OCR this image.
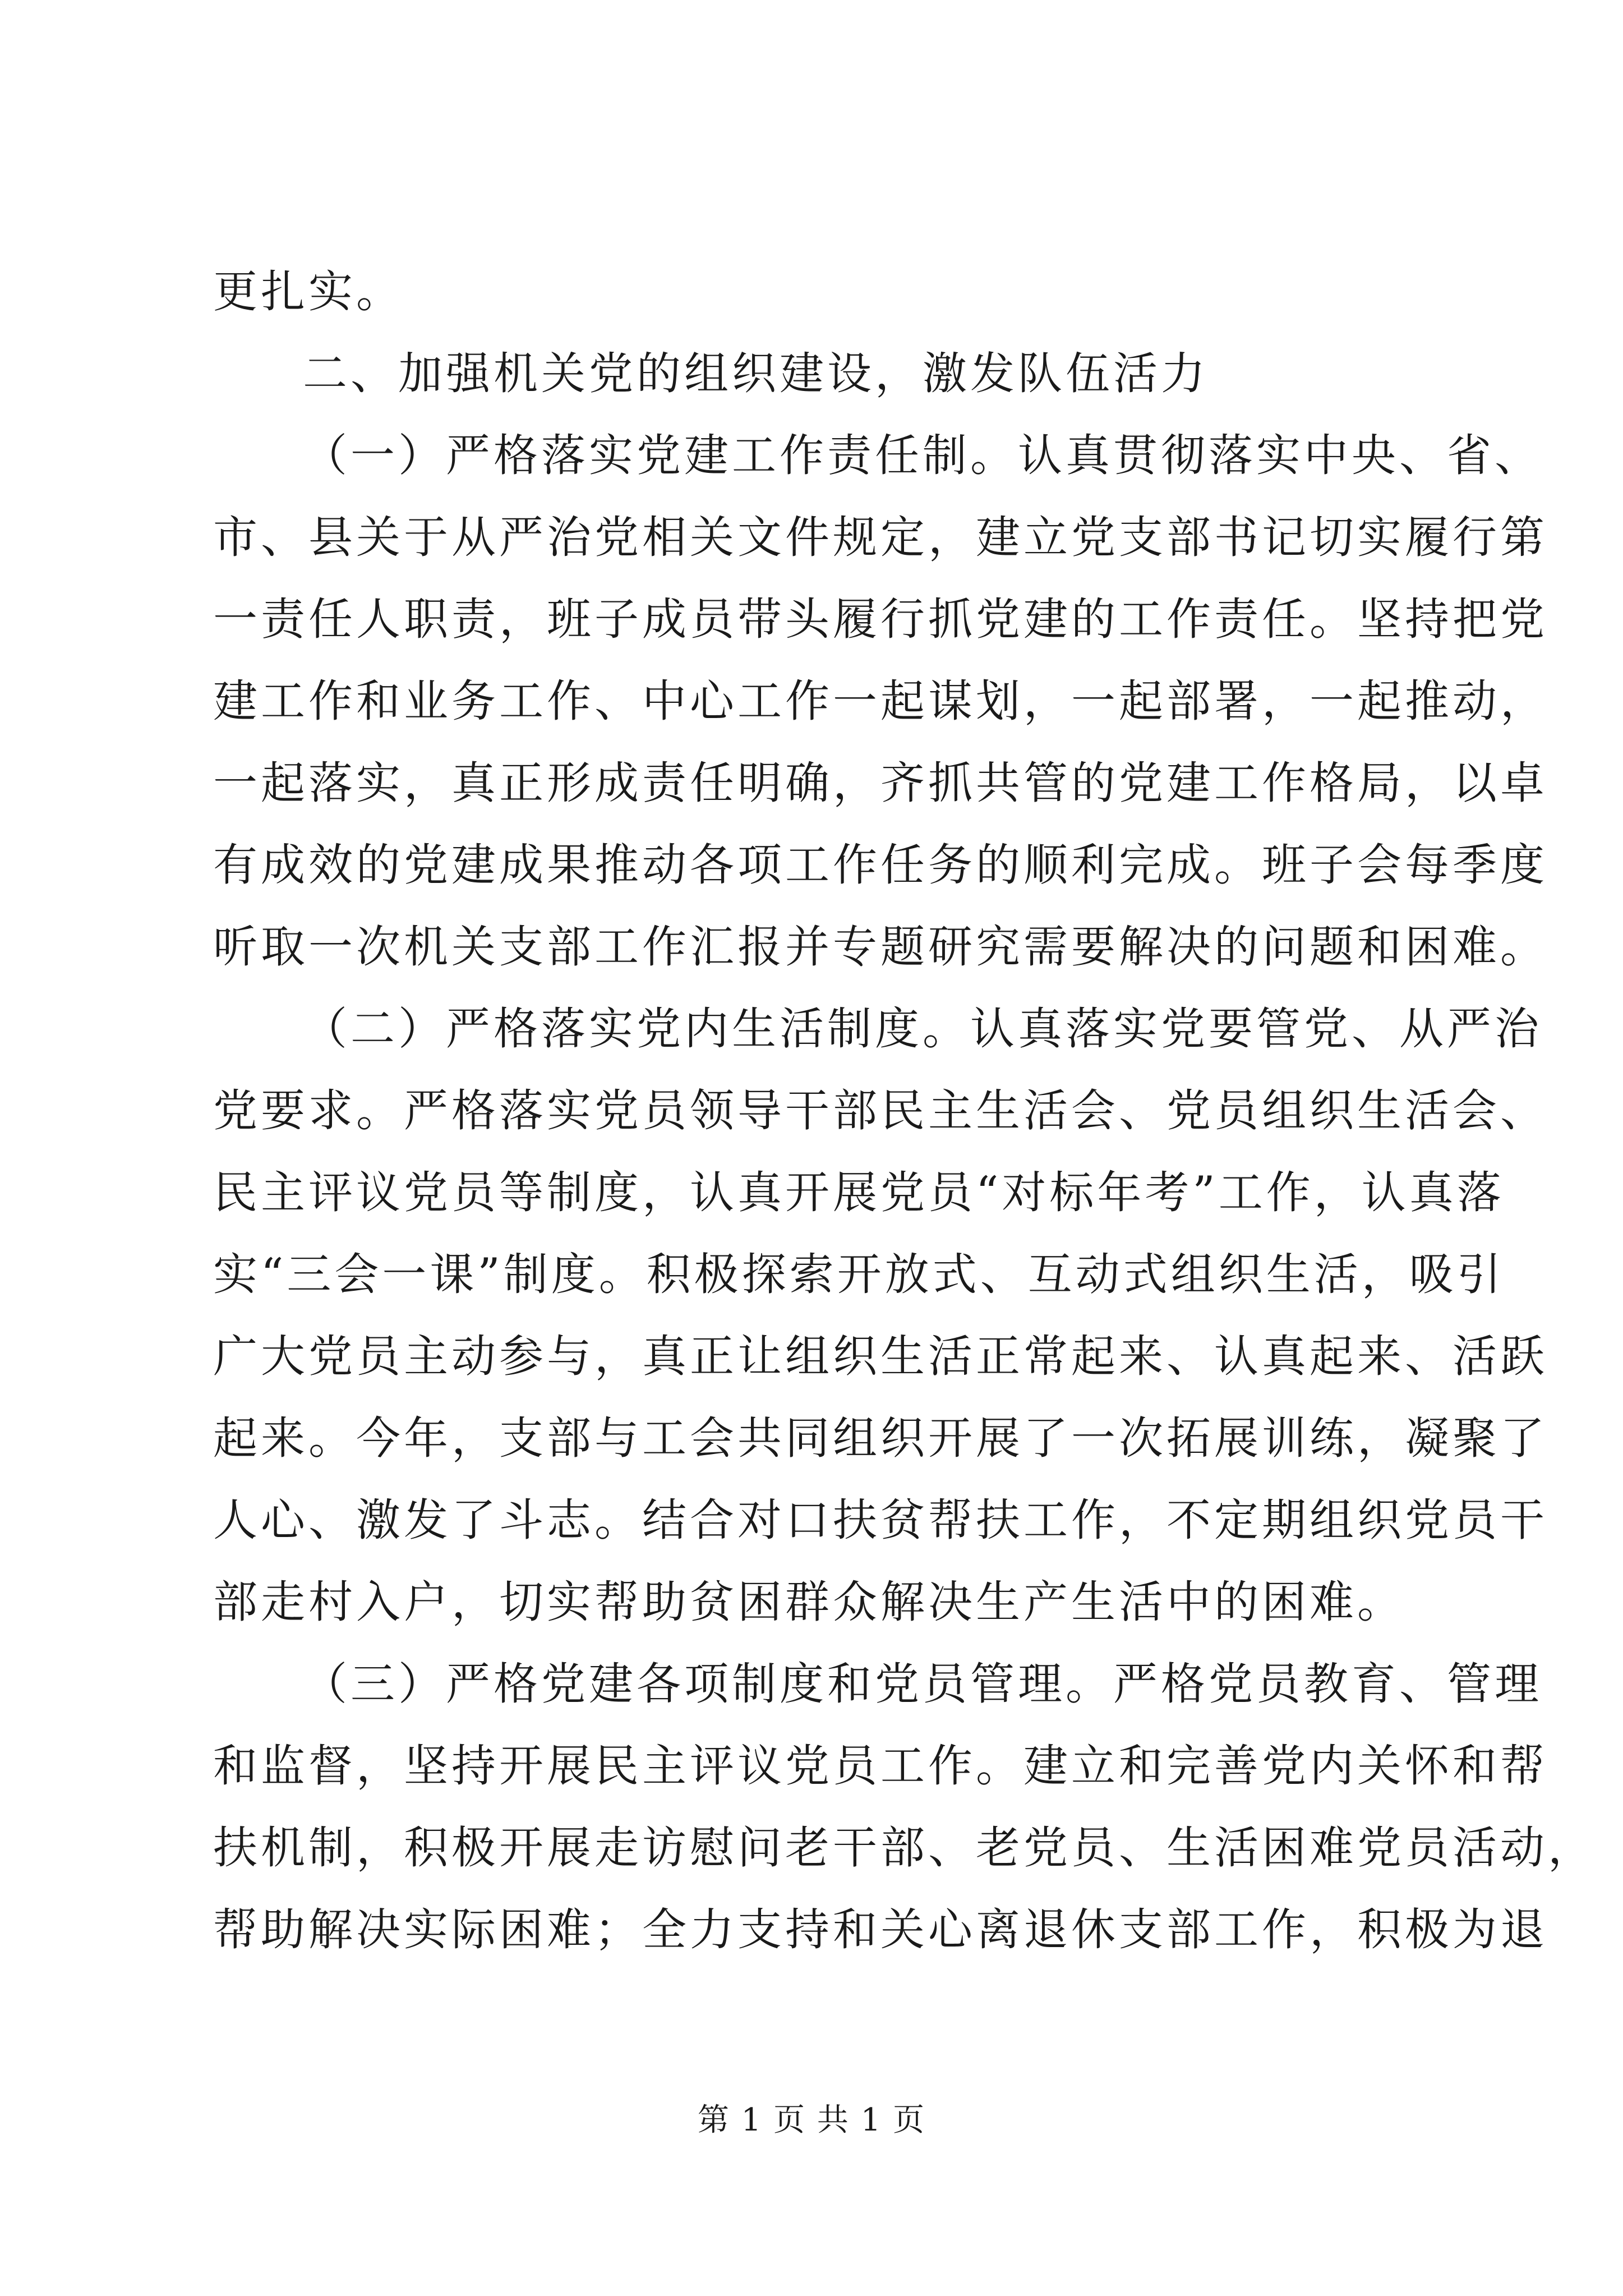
更扎实。
二、加强机关党的组织建设，激发队伍活力
（一）严格落实党建工作责任制。认真贯彻落实中央、省、
市、县关于从严治党相关文件规定，建立党支部书记切实履行第
一责任人职责，班子成员带头履行抓党建的工作责任。坚持把党
建工作和业务工作、中心工作一起谋划，一起部署，一起推动，
一起落实，真正形成责任明确，齐抓共管的党建工作格局，以卓
有成效的党建成果推动各项工作任务的顺利完成。班子会每季度
听取一次机关支部工作汇报并专题研究需要解决的问题和困难。
（二）严格落实党内生活制度。认真落实党要管党、从严治
党要求。严格落实党员领导干部民主生活会、党员组织生活会、
民主评议党员等制度，认真开展党员“对标年考”工作，认真落
实“三会一课”制度。积极探索开放式、互动式组织生活，吸引
广大党员主动参与，真正让组织生活正常起来、认真起来、活跃
起来。今年，支部与工会共同组织开展了一次拓展训练，凝聚了
人心、激发了斗志。结合对口扶贫帮扶工作，不定期组织党员干
部走村入户，切实帮助贫困群众解决生产生活中的困难。
（三）严格党建各项制度和党员管理。严格党员教育、管理
和监督，坚持开展民主评议党员工作。建立和完善党内关怀和帮
扶机制，积极开展走访慰问老干部、老党员、生活困难党员活动，
帮助解决实际困难；全力支持和关心离退休支部工作，积极为退
第 1 页 共 1 页
